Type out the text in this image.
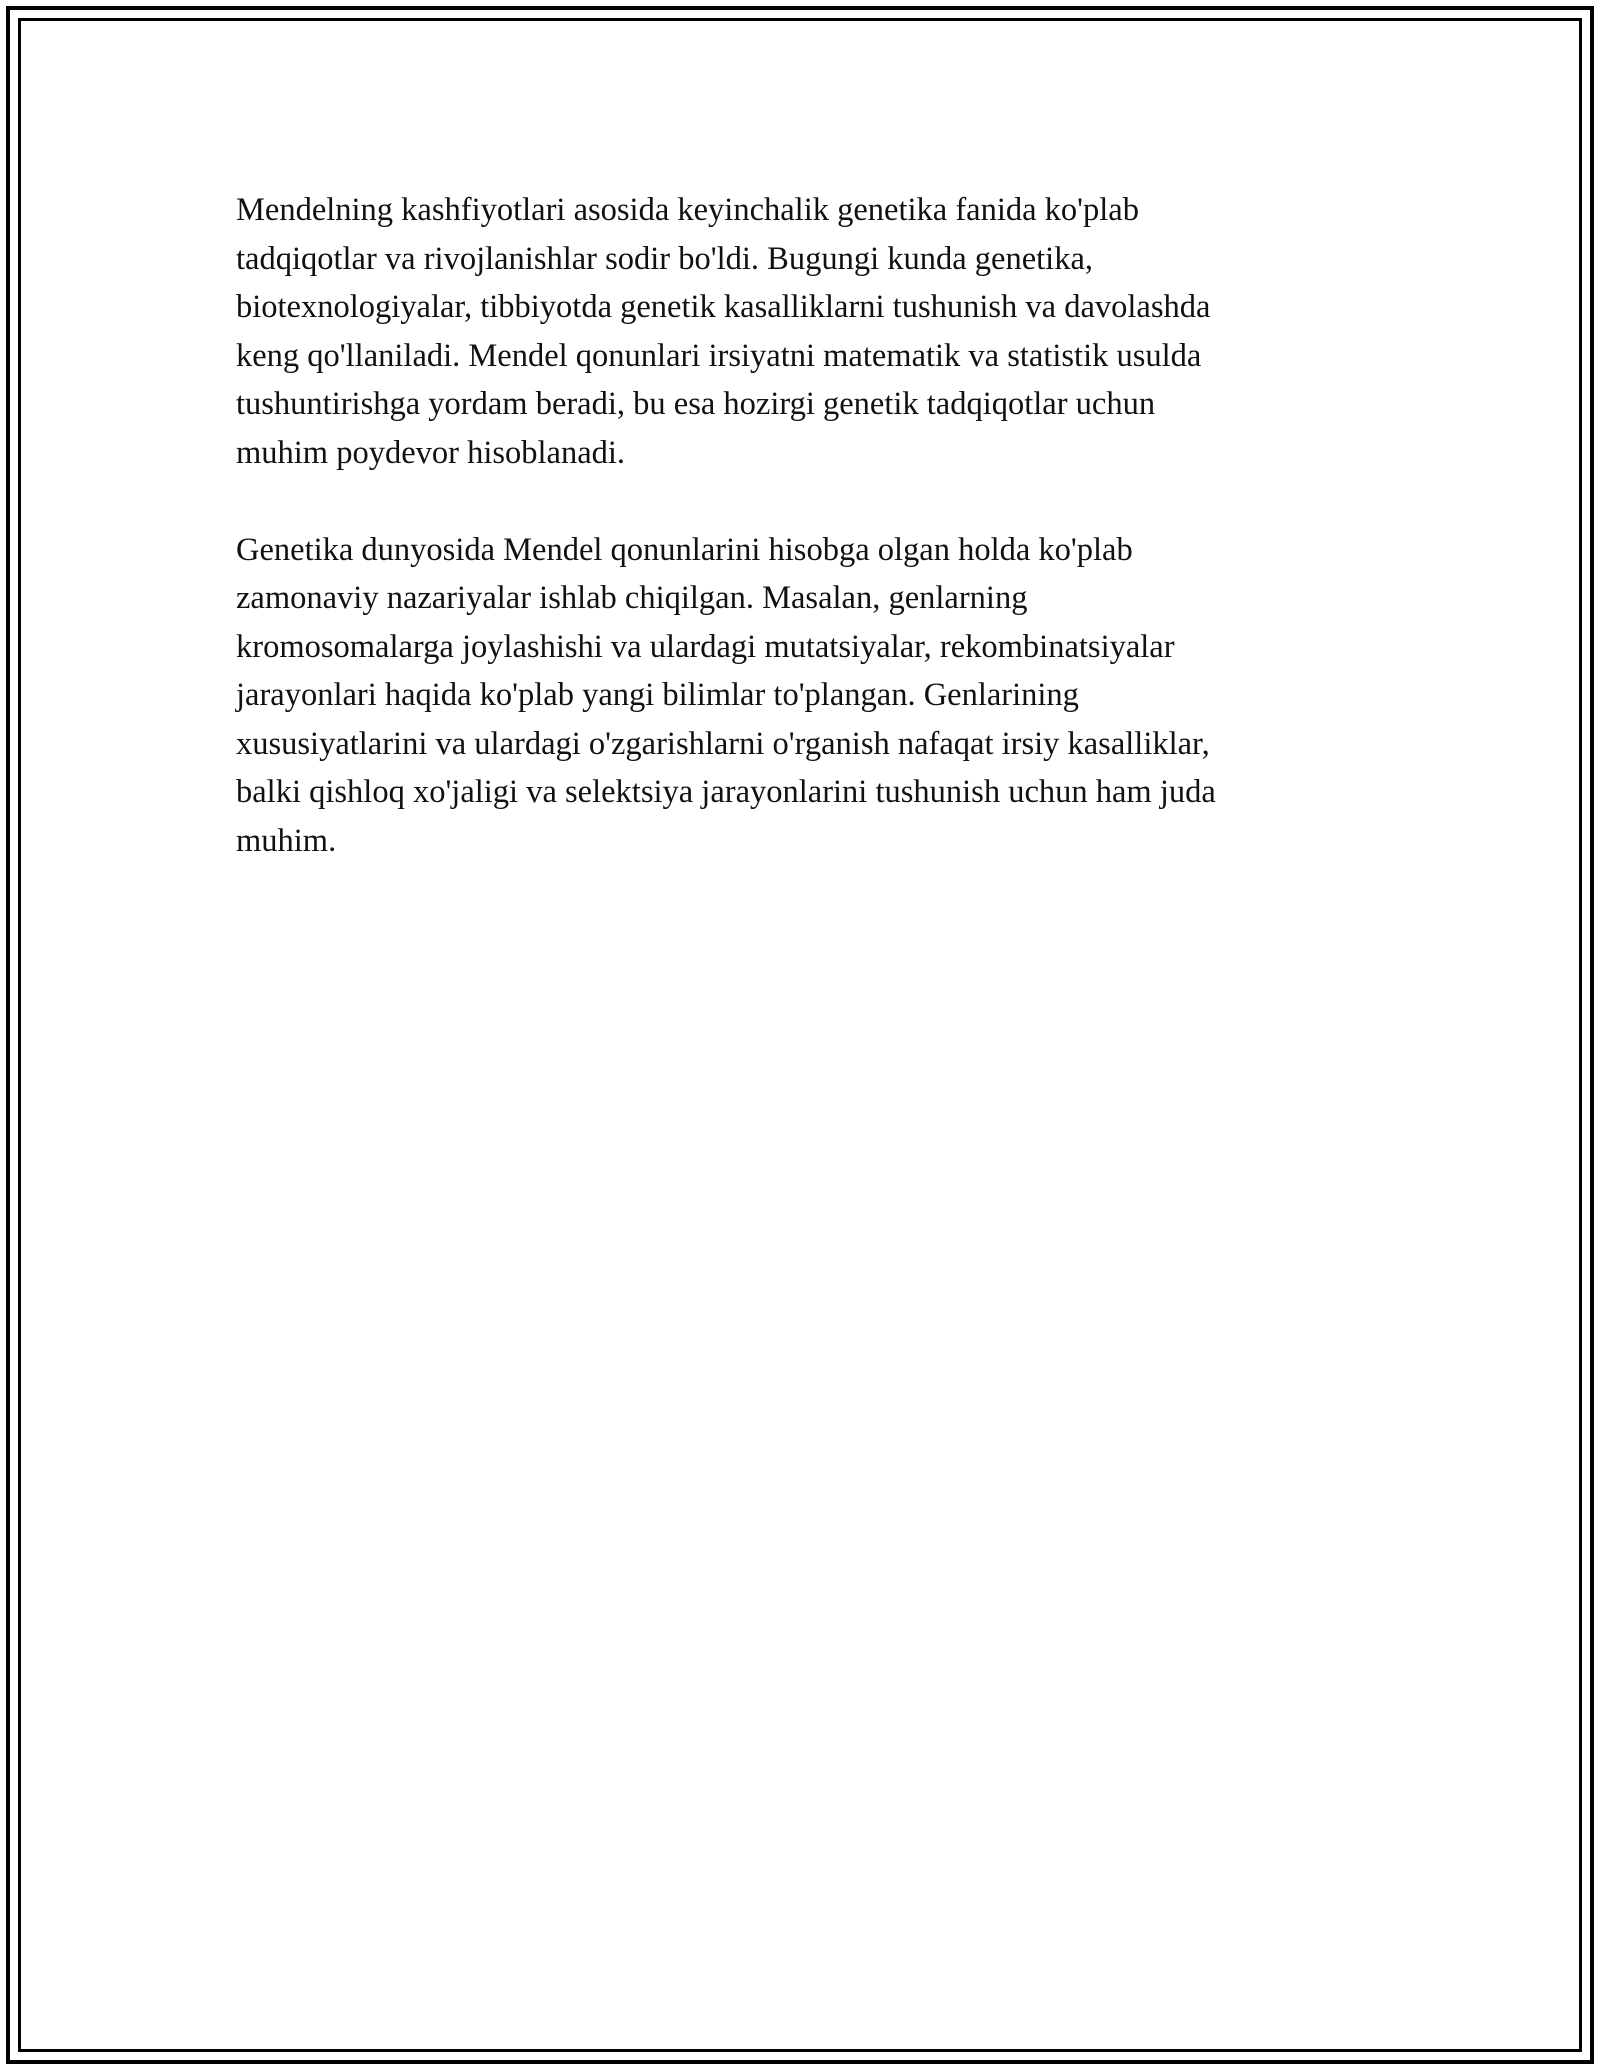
Mendelning kashfiyotlari asosida keyinchalik genetika fanida ko'plab
tadqiqotlar va rivojlanishlar sodir bo'ldi. Bugungi kunda genetika,
biotexnologiyalar, tibbiyotda genetik kasalliklarni tushunish va davolashda
keng qo'llaniladi. Mendel qonunlari irsiyatni matematik va statistik usulda
tushuntirishga yordam beradi, bu esa hozirgi genetik tadqiqotlar uchun
muhim poydevor hisoblanadi.

Genetika dunyosida Mendel qonunlarini hisobga olgan holda ko'plab
zamonaviy nazariyalar ishlab chiqilgan. Masalan, genlarning
kromosomalarga joylashishi va ulardagi mutatsiyalar, rekombinatsiyalar
jarayonlari haqida ko'plab yangi bilimlar to'plangan. Genlarining
xususiyatlarini va ulardagi o'zgarishlarni o'rganish nafaqat irsiy kasalliklar,
balki qishloq xo'jaligi va selektsiya jarayonlarini tushunish uchun ham juda
muhim.
